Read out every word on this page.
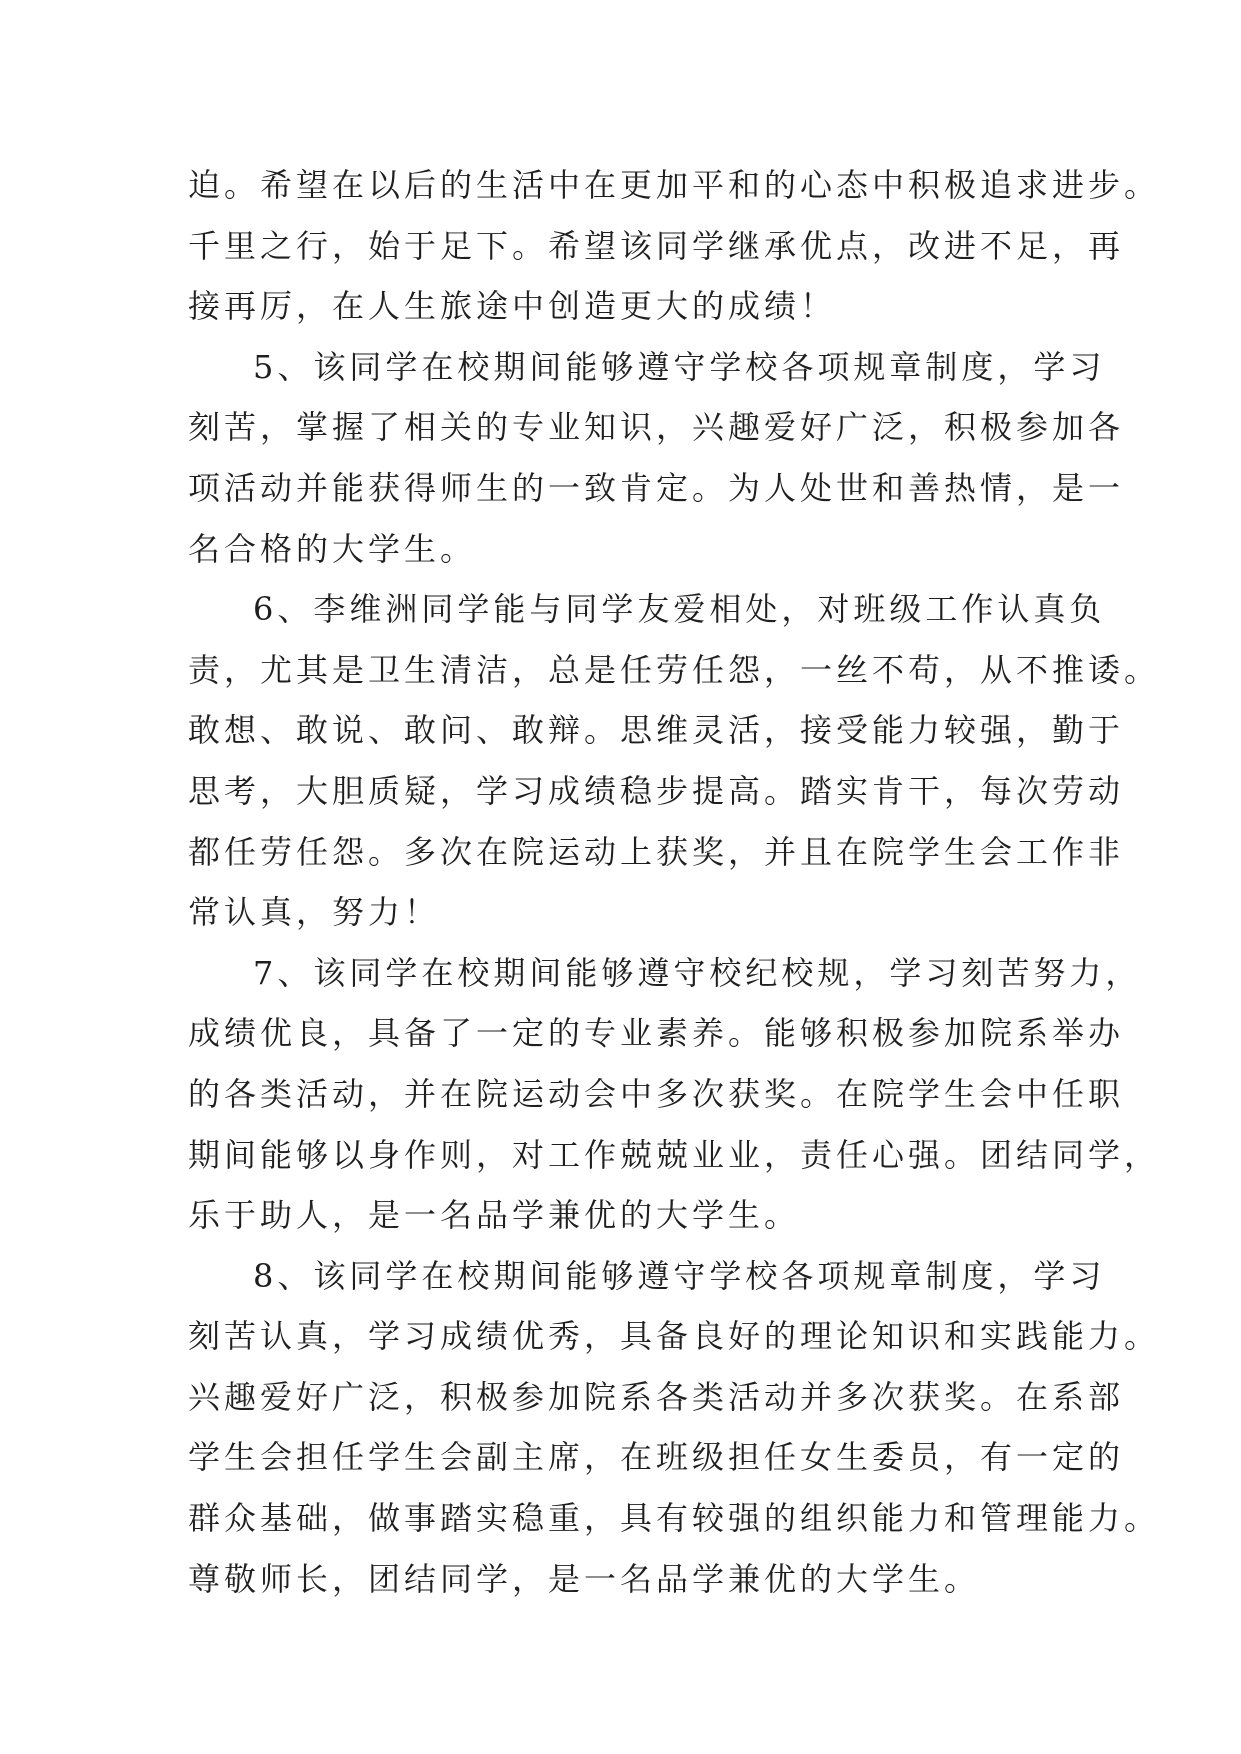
迫。希望在以后的生活中在更加平和的心态中积极追求进步。
千里之行，始于足下。希望该同学继承优点，改进不足，再
接再厉，在人生旅途中创造更大的成绩！
5、该同学在校期间能够遵守学校各项规章制度，学习
刻苦，掌握了相关的专业知识，兴趣爱好广泛，积极参加各
项活动并能获得师生的一致肯定。为人处世和善热情，是一
名合格的大学生。
6、李维洲同学能与同学友爱相处，对班级工作认真负
责，尤其是卫生清洁，总是任劳任怨，一丝不苟，从不推诿。
敢想、敢说、敢问、敢辩。思维灵活，接受能力较强，勤于
思考，大胆质疑，学习成绩稳步提高。踏实肯干，每次劳动
都任劳任怨。多次在院运动上获奖，并且在院学生会工作非
常认真，努力！
7、该同学在校期间能够遵守校纪校规，学习刻苦努力，
成绩优良，具备了一定的专业素养。能够积极参加院系举办
的各类活动，并在院运动会中多次获奖。在院学生会中任职
期间能够以身作则，对工作兢兢业业，责任心强。团结同学，
乐于助人，是一名品学兼优的大学生。
8、该同学在校期间能够遵守学校各项规章制度，学习
刻苦认真，学习成绩优秀，具备良好的理论知识和实践能力。
兴趣爱好广泛，积极参加院系各类活动并多次获奖。在系部
学生会担任学生会副主席，在班级担任女生委员，有一定的
群众基础，做事踏实稳重，具有较强的组织能力和管理能力。
尊敬师长，团结同学，是一名品学兼优的大学生。
